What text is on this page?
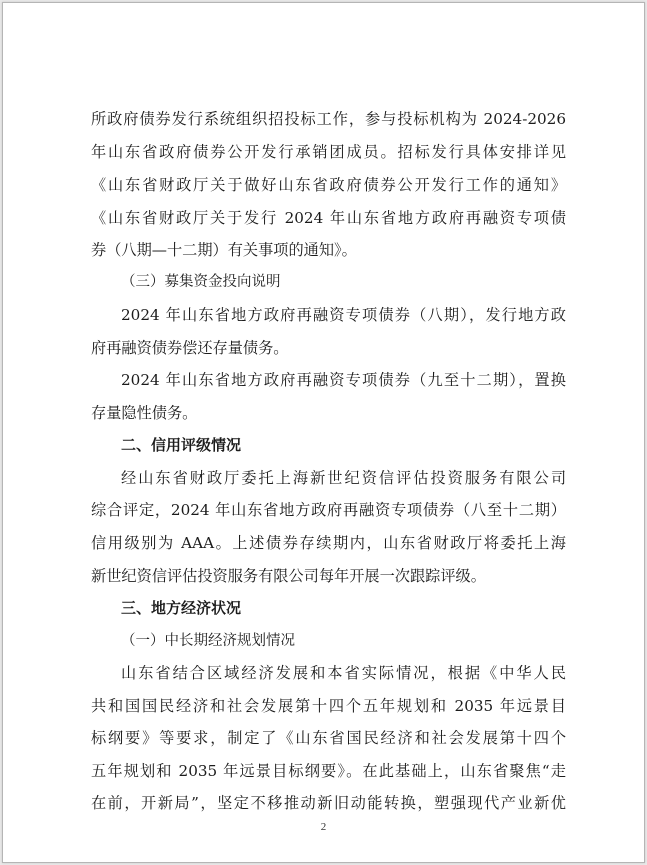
所政府债券发行系统组织招投标工作，参与投标机构为 2024-2026
年山东省政府债券公开发行承销团成员。招标发行具体安排详见
《山东省财政厅关于做好山东省政府债券公开发行工作的通知》
《山东省财政厅关于发行 2024 年山东省地方政府再融资专项债
券（八期—十二期）有关事项的通知》。
（三）募集资金投向说明
2024 年山东省地方政府再融资专项债券（八期），发行地方政
府再融资债券偿还存量债务。
2024 年山东省地方政府再融资专项债券（九至十二期），置换
存量隐性债务。
二、信用评级情况
经山东省财政厅委托上海新世纪资信评估投资服务有限公司
综合评定，2024 年山东省地方政府再融资专项债券（八至十二期）
信用级别为 AAA。上述债券存续期内，山东省财政厅将委托上海
新世纪资信评估投资服务有限公司每年开展一次跟踪评级。
三、地方经济状况
（一）中长期经济规划情况
山东省结合区域经济发展和本省实际情况，根据《中华人民
共和国国民经济和社会发展第十四个五年规划和 2035 年远景目
标纲要》等要求，制定了《山东省国民经济和社会发展第十四个
五年规划和 2035 年远景目标纲要》。在此基础上，山东省聚焦“走
在前，开新局”，坚定不移推动新旧动能转换，塑强现代产业新优
2
